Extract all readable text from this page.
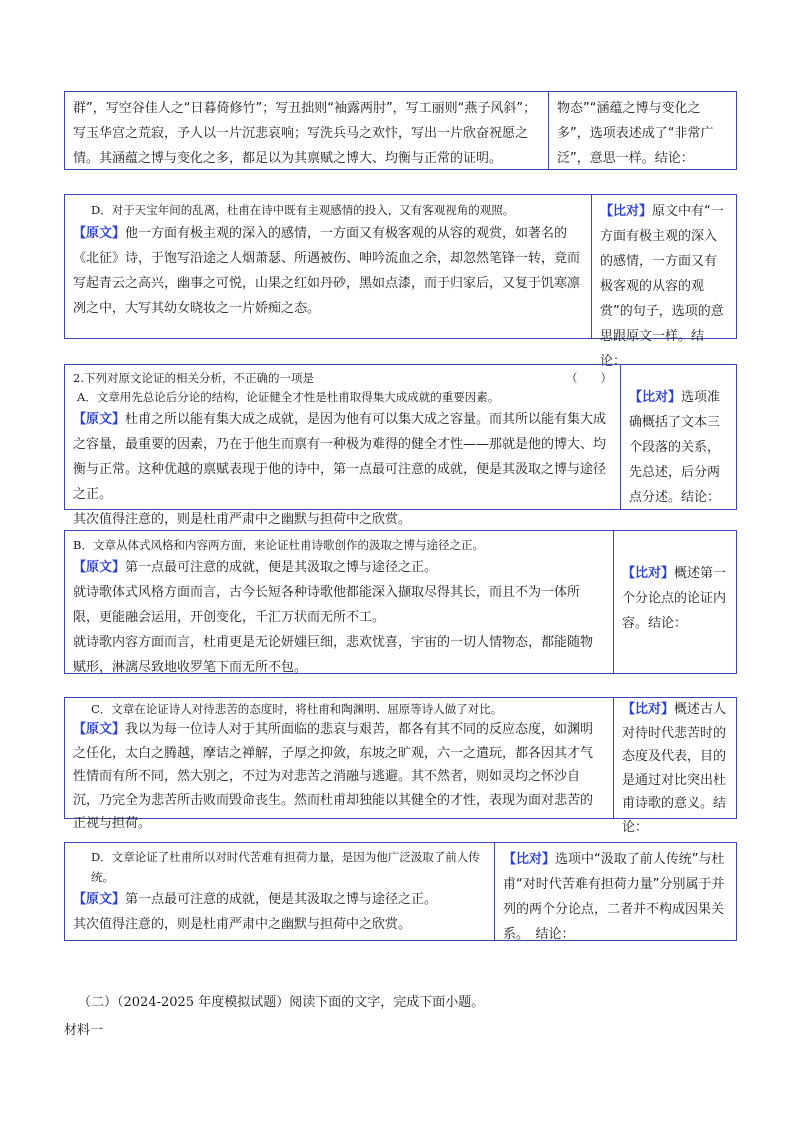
群”，写空谷佳人之“日暮倚修竹”；写丑拙则“袖露两肘”，写工丽则“燕子风斜”；写玉华宫之荒寂，予人以一片沉悲哀响；写洗兵马之欢忭，写出一片欣奋祝愿之情。其涵蕴之博与变化之多，都足以为其禀赋之博大、均衡与正常的证明。
物态”“涵蕴之博与变化之多”，选项表述成了“非常广泛”，意思一样。结论：
D．对于天宝年间的乱离，杜甫在诗中既有主观感情的投入，又有客观视角的观照。
【原文】他一方面有极主观的深入的感情，一方面又有极客观的从容的观赏，如著名的《北征》诗，于饱写沿途之人烟萧瑟、所遇被伤、呻吟流血之余，却忽然笔锋一转，竟而写起青云之高兴，幽事之可悦，山果之红如丹砂，黑如点漆，而于归家后，又复于饥寒凛冽之中，大写其幼女晓妆之一片娇痴之态。
【比对】原文中有“一方面有极主观的深入的感情，一方面又有极客观的从容的观赏”的句子，选项的意思跟原文一样。结论：
2.下列对原文论证的相关分析，不正确的一项是	（　　）
A．文章用先总论后分论的结构，论证健全才性是杜甫取得集大成成就的重要因素。
【原文】杜甫之所以能有集大成之成就，是因为他有可以集大成之容量。而其所以能有集大成之容量，最重要的因素，乃在于他生而禀有一种极为难得的健全才性——那就是他的博大、均衡与正常。这种优越的禀赋表现于他的诗中，第一点最可注意的成就，便是其汲取之博与途径之正。
其次值得注意的，则是杜甫严肃中之幽默与担荷中之欣赏。
【比对】选项准确概括了文本三个段落的关系，先总述，后分两点分述。结论：
B．文章从体式风格和内容两方面，来论证杜甫诗歌创作的汲取之博与途径之正。
【原文】第一点最可注意的成就，便是其汲取之博与途径之正。
就诗歌体式风格方面而言，古今长短各种诗歌他都能深入撷取尽得其长，而且不为一体所限，更能融会运用，开创变化，千汇万状而无所不工。
就诗歌内容方面而言，杜甫更是无论妍媸巨细，悲欢忧喜，宇宙的一切人情物态，都能随物赋形，淋漓尽致地收罗笔下而无所不包。
【比对】概述第一个分论点的论证内容。结论：
C．文章在论证诗人对待悲苦的态度时，将杜甫和陶渊明、屈原等诗人做了对比。
【原文】我以为每一位诗人对于其所面临的悲哀与艰苦，都各有其不同的反应态度，如渊明之任化，太白之腾越，摩诘之禅解，子厚之抑敛，东坡之旷观，六一之遣玩，都各因其才气性情而有所不同，然大别之，不过为对悲苦之消融与逃避。其不然者，则如灵均之怀沙自沉，乃完全为悲苦所击败而毁命丧生。然而杜甫却独能以其健全的才性，表现为面对悲苦的正视与担荷。
【比对】概述古人对待时代悲苦时的态度及代表，目的是通过对比突出杜甫诗歌的意义。结论：
D．文章论证了杜甫所以对时代苦难有担荷力量，是因为他广泛汲取了前人传统。
【原文】第一点最可注意的成就，便是其汲取之博与途径之正。
其次值得注意的，则是杜甫严肃中之幽默与担荷中之欣赏。
【比对】选项中“汲取了前人传统”与杜甫“对时代苦难有担荷力量”分别属于并列的两个分论点，二者并不构成因果关系。　结论：
（二）（2024-2025 年度模拟试题）阅读下面的文字，完成下面小题。
材料一
